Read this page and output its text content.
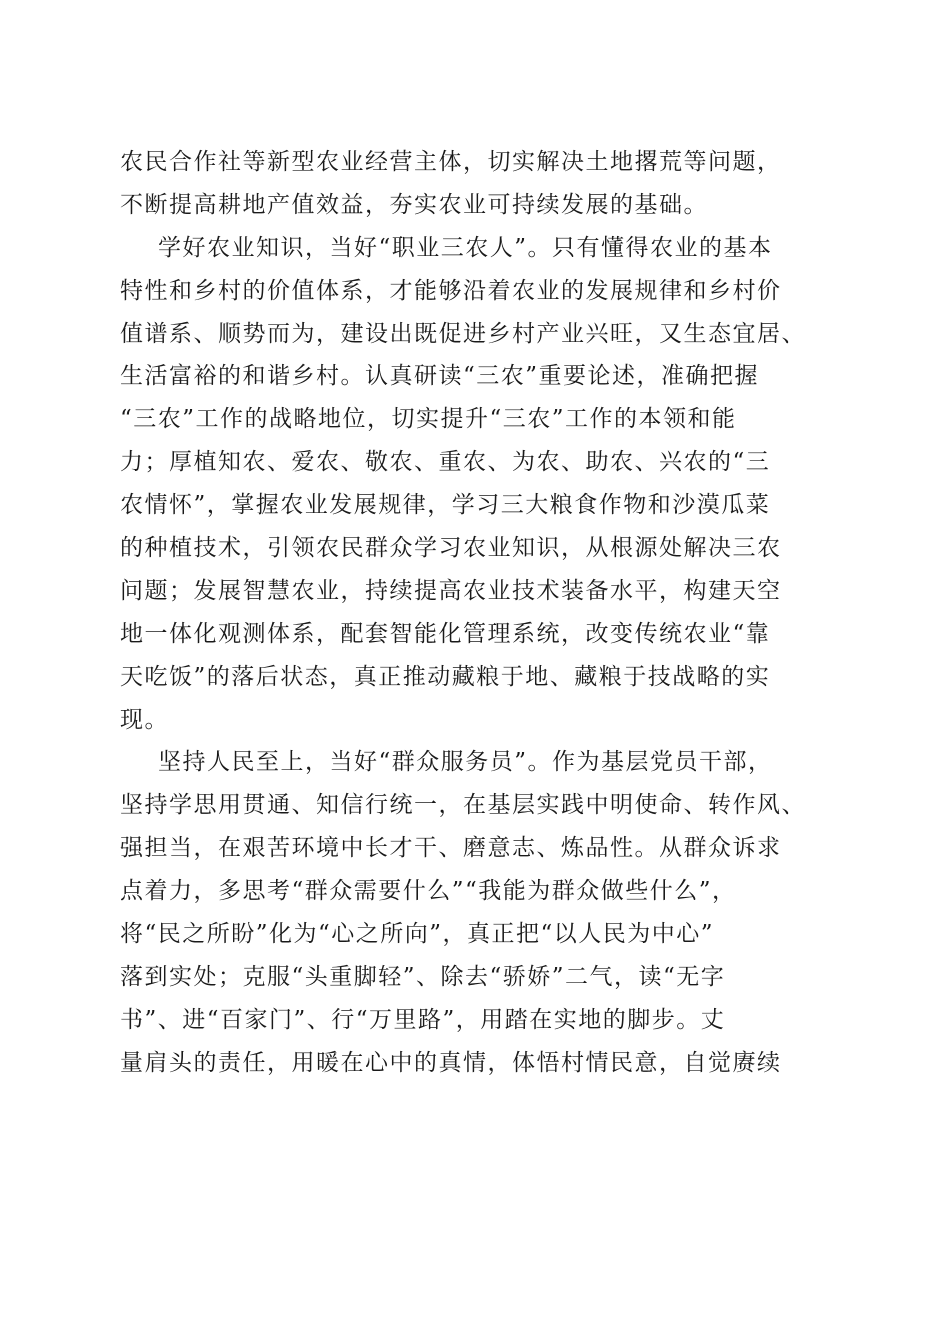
农民合作社等新型农业经营主体，切实解决土地撂荒等问题，
不断提高耕地产值效益，夯实农业可持续发展的基础。
学好农业知识，当好“职业三农人”。只有懂得农业的基本
特性和乡村的价值体系，才能够沿着农业的发展规律和乡村价
值谱系、顺势而为，建设出既促进乡村产业兴旺，又生态宜居、
生活富裕的和谐乡村。认真研读“三农”重要论述，准确把握
“三农”工作的战略地位，切实提升“三农”工作的本领和能
力；厚植知农、爱农、敬农、重农、为农、助农、兴农的“三
农情怀”，掌握农业发展规律，学习三大粮食作物和沙漠瓜菜
的种植技术，引领农民群众学习农业知识，从根源处解决三农
问题；发展智慧农业，持续提高农业技术装备水平，构建天空
地一体化观测体系，配套智能化管理系统，改变传统农业“靠
天吃饭”的落后状态，真正推动藏粮于地、藏粮于技战略的实
现。
坚持人民至上，当好“群众服务员”。作为基层党员干部，
坚持学思用贯通、知信行统一，在基层实践中明使命、转作风、
强担当，在艰苦环境中长才干、磨意志、炼品性。从群众诉求
点着力，多思考“群众需要什么”“我能为群众做些什么”，
将“民之所盼”化为“心之所向”，真正把“以人民为中心”
落到实处；克服“头重脚轻”、除去“骄娇”二气，读“无字
书”、进“百家门”、行“万里路”，用踏在实地的脚步。丈
量肩头的责任，用暖在心中的真情，体悟村情民意，自觉赓续
